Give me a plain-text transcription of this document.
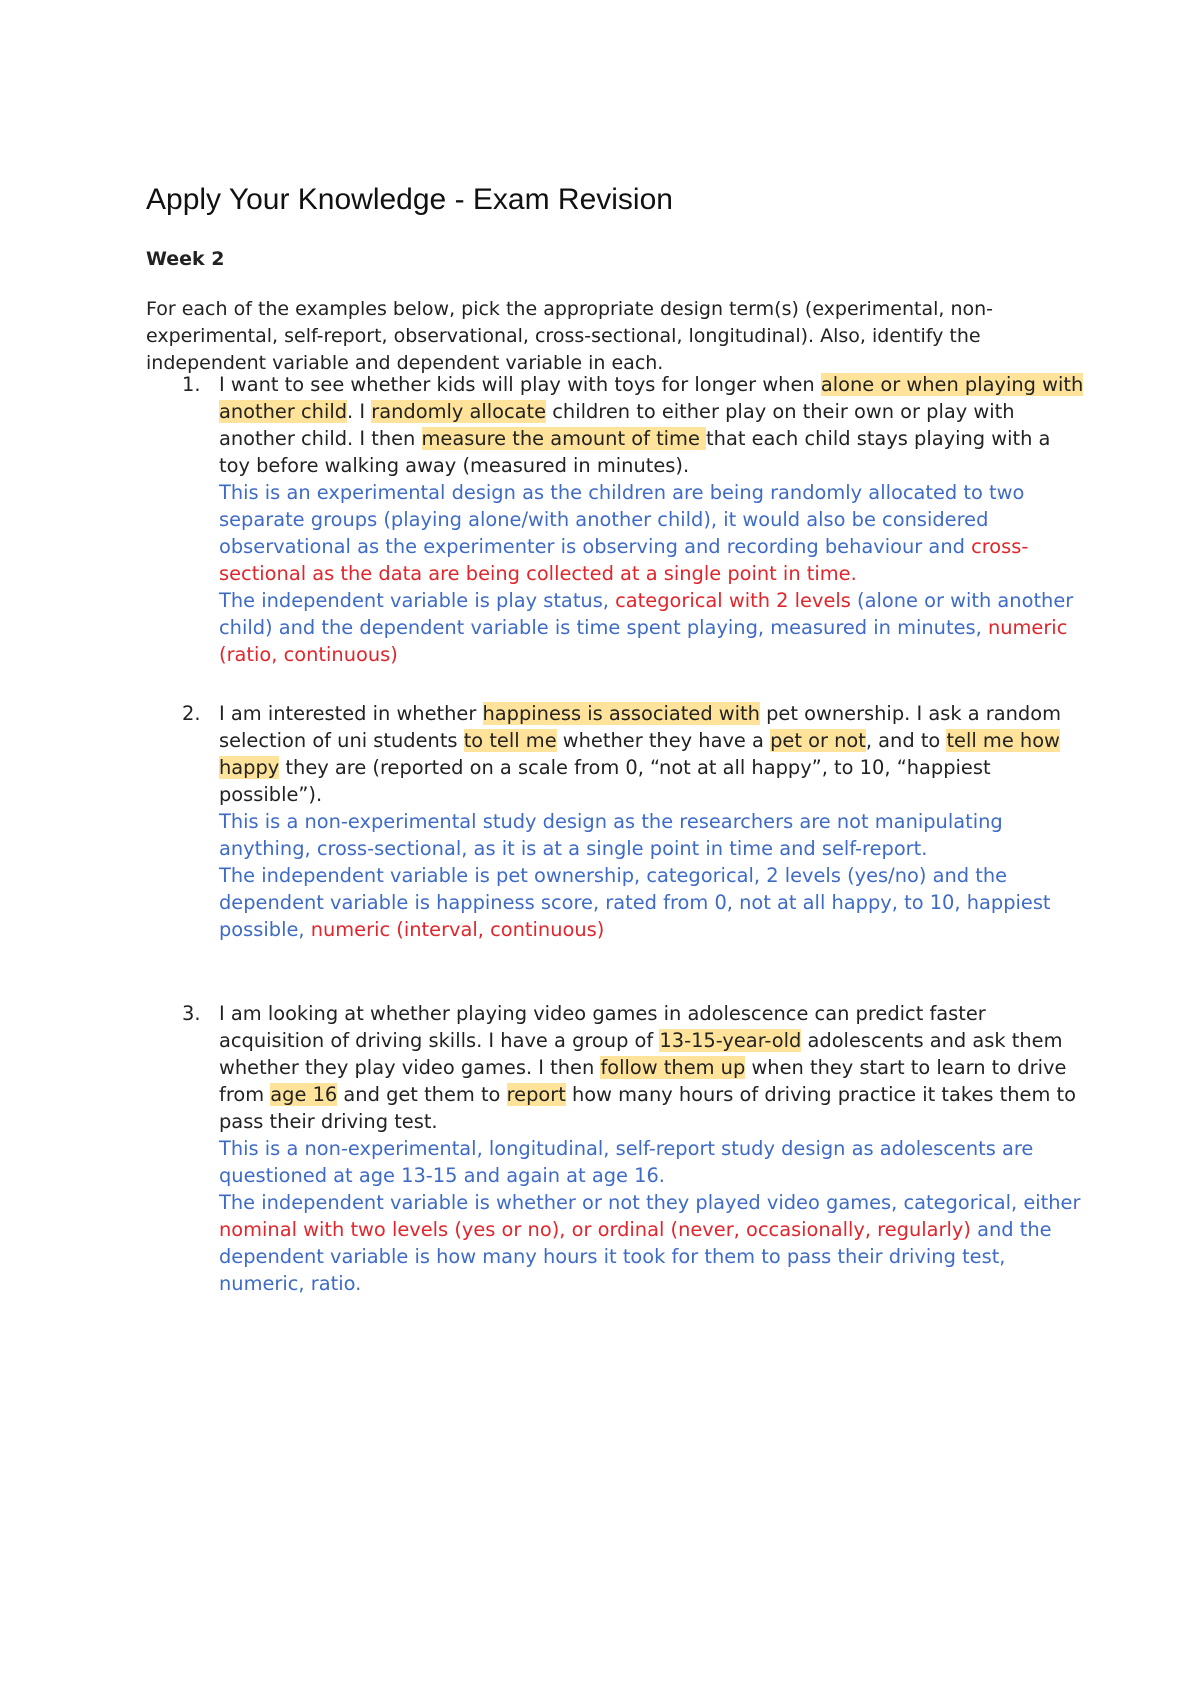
Apply Your Knowledge - Exam Revision
Week 2

For each of the examples below, pick the appropriate design term(s) (experimental, non-experimental, self-report, observational, cross-sectional, longitudinal). Also, identify the independent variable and dependent variable in each.

1. I want to see whether kids will play with toys for longer when alone or when playing with another child. I randomly allocate children to either play on their own or play with another child. I then measure the amount of time that each child stays playing with a toy before walking away (measured in minutes).

This is an experimental design as the children are being randomly allocated to two separate groups (playing alone/with another child), it would also be considered observational as the experimenter is observing and recording behaviour and cross-sectional as the data are being collected at a single point in time.

The independent variable is play status, categorical with 2 levels (alone or with another child) and the dependent variable is time spent playing, measured in minutes, numeric (ratio, continuous)

2. I am interested in whether happiness is associated with pet ownership. I ask a random selection of uni students to tell me whether they have a pet or not, and to tell me how happy they are (reported on a scale from 0, “not at all happy”, to 10, “happiest possible”).

This is a non-experimental study design as the researchers are not manipulating anything, cross-sectional, as it is at a single point in time and self-report.

The independent variable is pet ownership, categorical, 2 levels (yes/no) and the dependent variable is happiness score, rated from 0, not at all happy, to 10, happiest possible, numeric (interval, continuous)

3. I am looking at whether playing video games in adolescence can predict faster acquisition of driving skills. I have a group of 13-15-year-old adolescents and ask them whether they play video games. I then follow them up when they start to learn to drive from age 16 and get them to report how many hours of driving practice it takes them to pass their driving test.

This is a non-experimental, longitudinal, self-report study design as adolescents are questioned at age 13-15 and again at age 16.

The independent variable is whether or not they played video games, categorical, either nominal with two levels (yes or no), or ordinal (never, occasionally, regularly) and the dependent variable is how many hours it took for them to pass their driving test, numeric, ratio.
